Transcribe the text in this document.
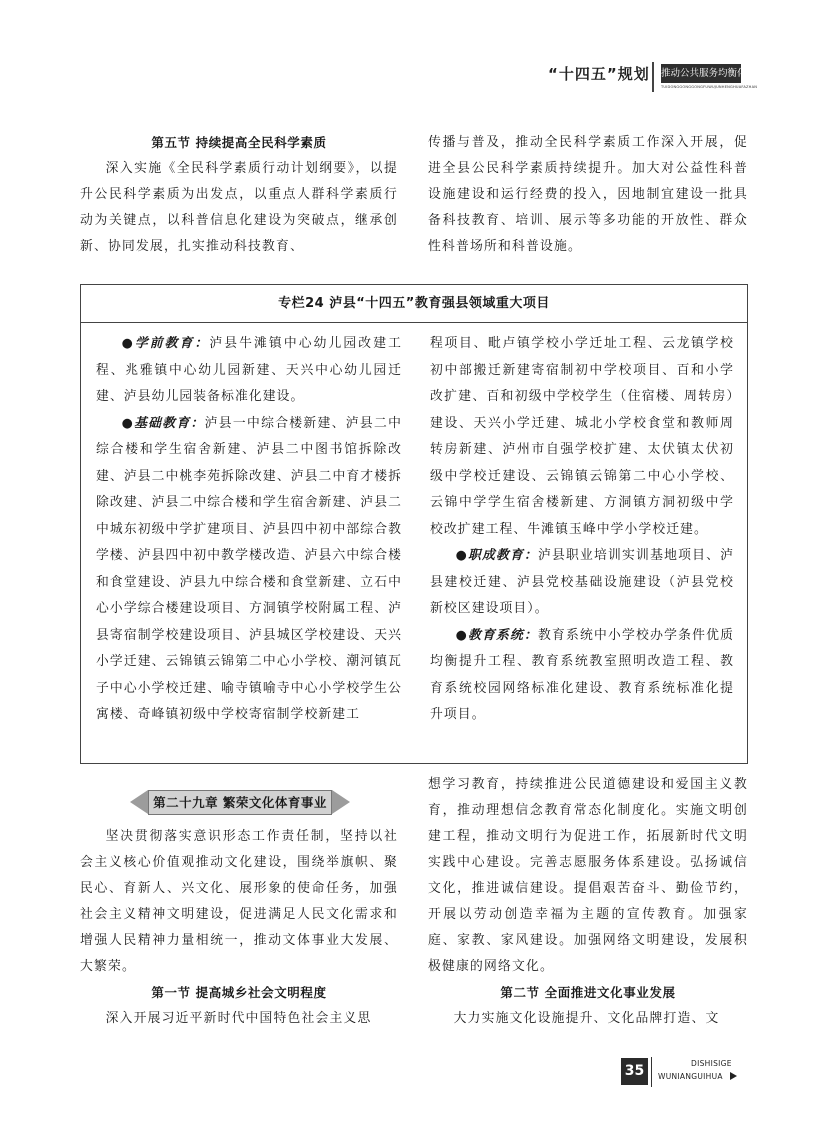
“十四五”规划 推动公共服务均衡化发展
TUIDONGGONGGONGFUWUJUNHENGHUAFAZHAN

第五节 持续提高全民科学素质

深入实施《全民科学素质行动计划纲要》，以提升公民科学素质为出发点，以重点人群科学素质行动为关键点，以科普信息化建设为突破点，继承创新、协同发展，扎实推动科技教育、

传播与普及，推动全民科学素质工作深入开展，促进全县公民科学素质持续提升。加大对公益性科普设施建设和运行经费的投入，因地制宜建设一批具备科技教育、培训、展示等多功能的开放性、群众性科普场所和科普设施。

专栏24 泸县“十四五”教育强县领域重大项目

●学前教育：泸县牛滩镇中心幼儿园改建工程、兆雅镇中心幼儿园新建、天兴中心幼儿园迁建、泸县幼儿园装备标准化建设。

●基础教育：泸县一中综合楼新建、泸县二中综合楼和学生宿舍新建、泸县二中图书馆拆除改建、泸县二中桃李苑拆除改建、泸县二中育才楼拆除改建、泸县二中综合楼和学生宿舍新建、泸县二中城东初级中学扩建项目、泸县四中初中部综合教学楼、泸县四中初中教学楼改造、泸县六中综合楼和食堂建设、泸县九中综合楼和食堂新建、立石中心小学综合楼建设项目、方洞镇学校附属工程、泸县寄宿制学校建设项目、泸县城区学校建设、天兴小学迁建、云锦镇云锦第二中心小学校、潮河镇瓦子中心小学校迁建、喻寺镇喻寺中心小学校学生公寓楼、奇峰镇初级中学校寄宿制学校新建工

程项目、毗卢镇学校小学迁址工程、云龙镇学校初中部搬迁新建寄宿制初中学校项目、百和小学改扩建、百和初级中学校学生（住宿楼、周转房）建设、天兴小学迁建、城北小学校食堂和教师周转房新建、泸州市自强学校扩建、太伏镇太伏初级中学校迁建设、云锦镇云锦第二中心小学校、云锦中学学生宿舍楼新建、方洞镇方洞初级中学校改扩建工程、牛滩镇玉峰中学小学校迁建。

●职成教育：泸县职业培训实训基地项目、泸县建校迁建、泸县党校基础设施建设（泸县党校新校区建设项目）。

●教育系统：教育系统中小学校办学条件优质均衡提升工程、教育系统教室照明改造工程、教育系统校园网络标准化建设、教育系统标准化提升项目。

第二十九章 繁荣文化体育事业

坚决贯彻落实意识形态工作责任制，坚持以社会主义核心价值观推动文化建设，围绕举旗帜、聚民心、育新人、兴文化、展形象的使命任务，加强社会主义精神文明建设，促进满足人民文化需求和增强人民精神力量相统一，推动文体事业大发展、大繁荣。

第一节 提高城乡社会文明程度

深入开展习近平新时代中国特色社会主义思

想学习教育，持续推进公民道德建设和爱国主义教育，推动理想信念教育常态化制度化。实施文明创建工程，推动文明行为促进工作，拓展新时代文明实践中心建设。完善志愿服务体系建设。弘扬诚信文化，推进诚信建设。提倡艰苦奋斗、勤俭节约，开展以劳动创造幸福为主题的宣传教育。加强家庭、家教、家风建设。加强网络文明建设，发展积极健康的网络文化。

第二节 全面推进文化事业发展

大力实施文化设施提升、文化品牌打造、文

35	DISHISIGE
WUNIANGUIHUA
